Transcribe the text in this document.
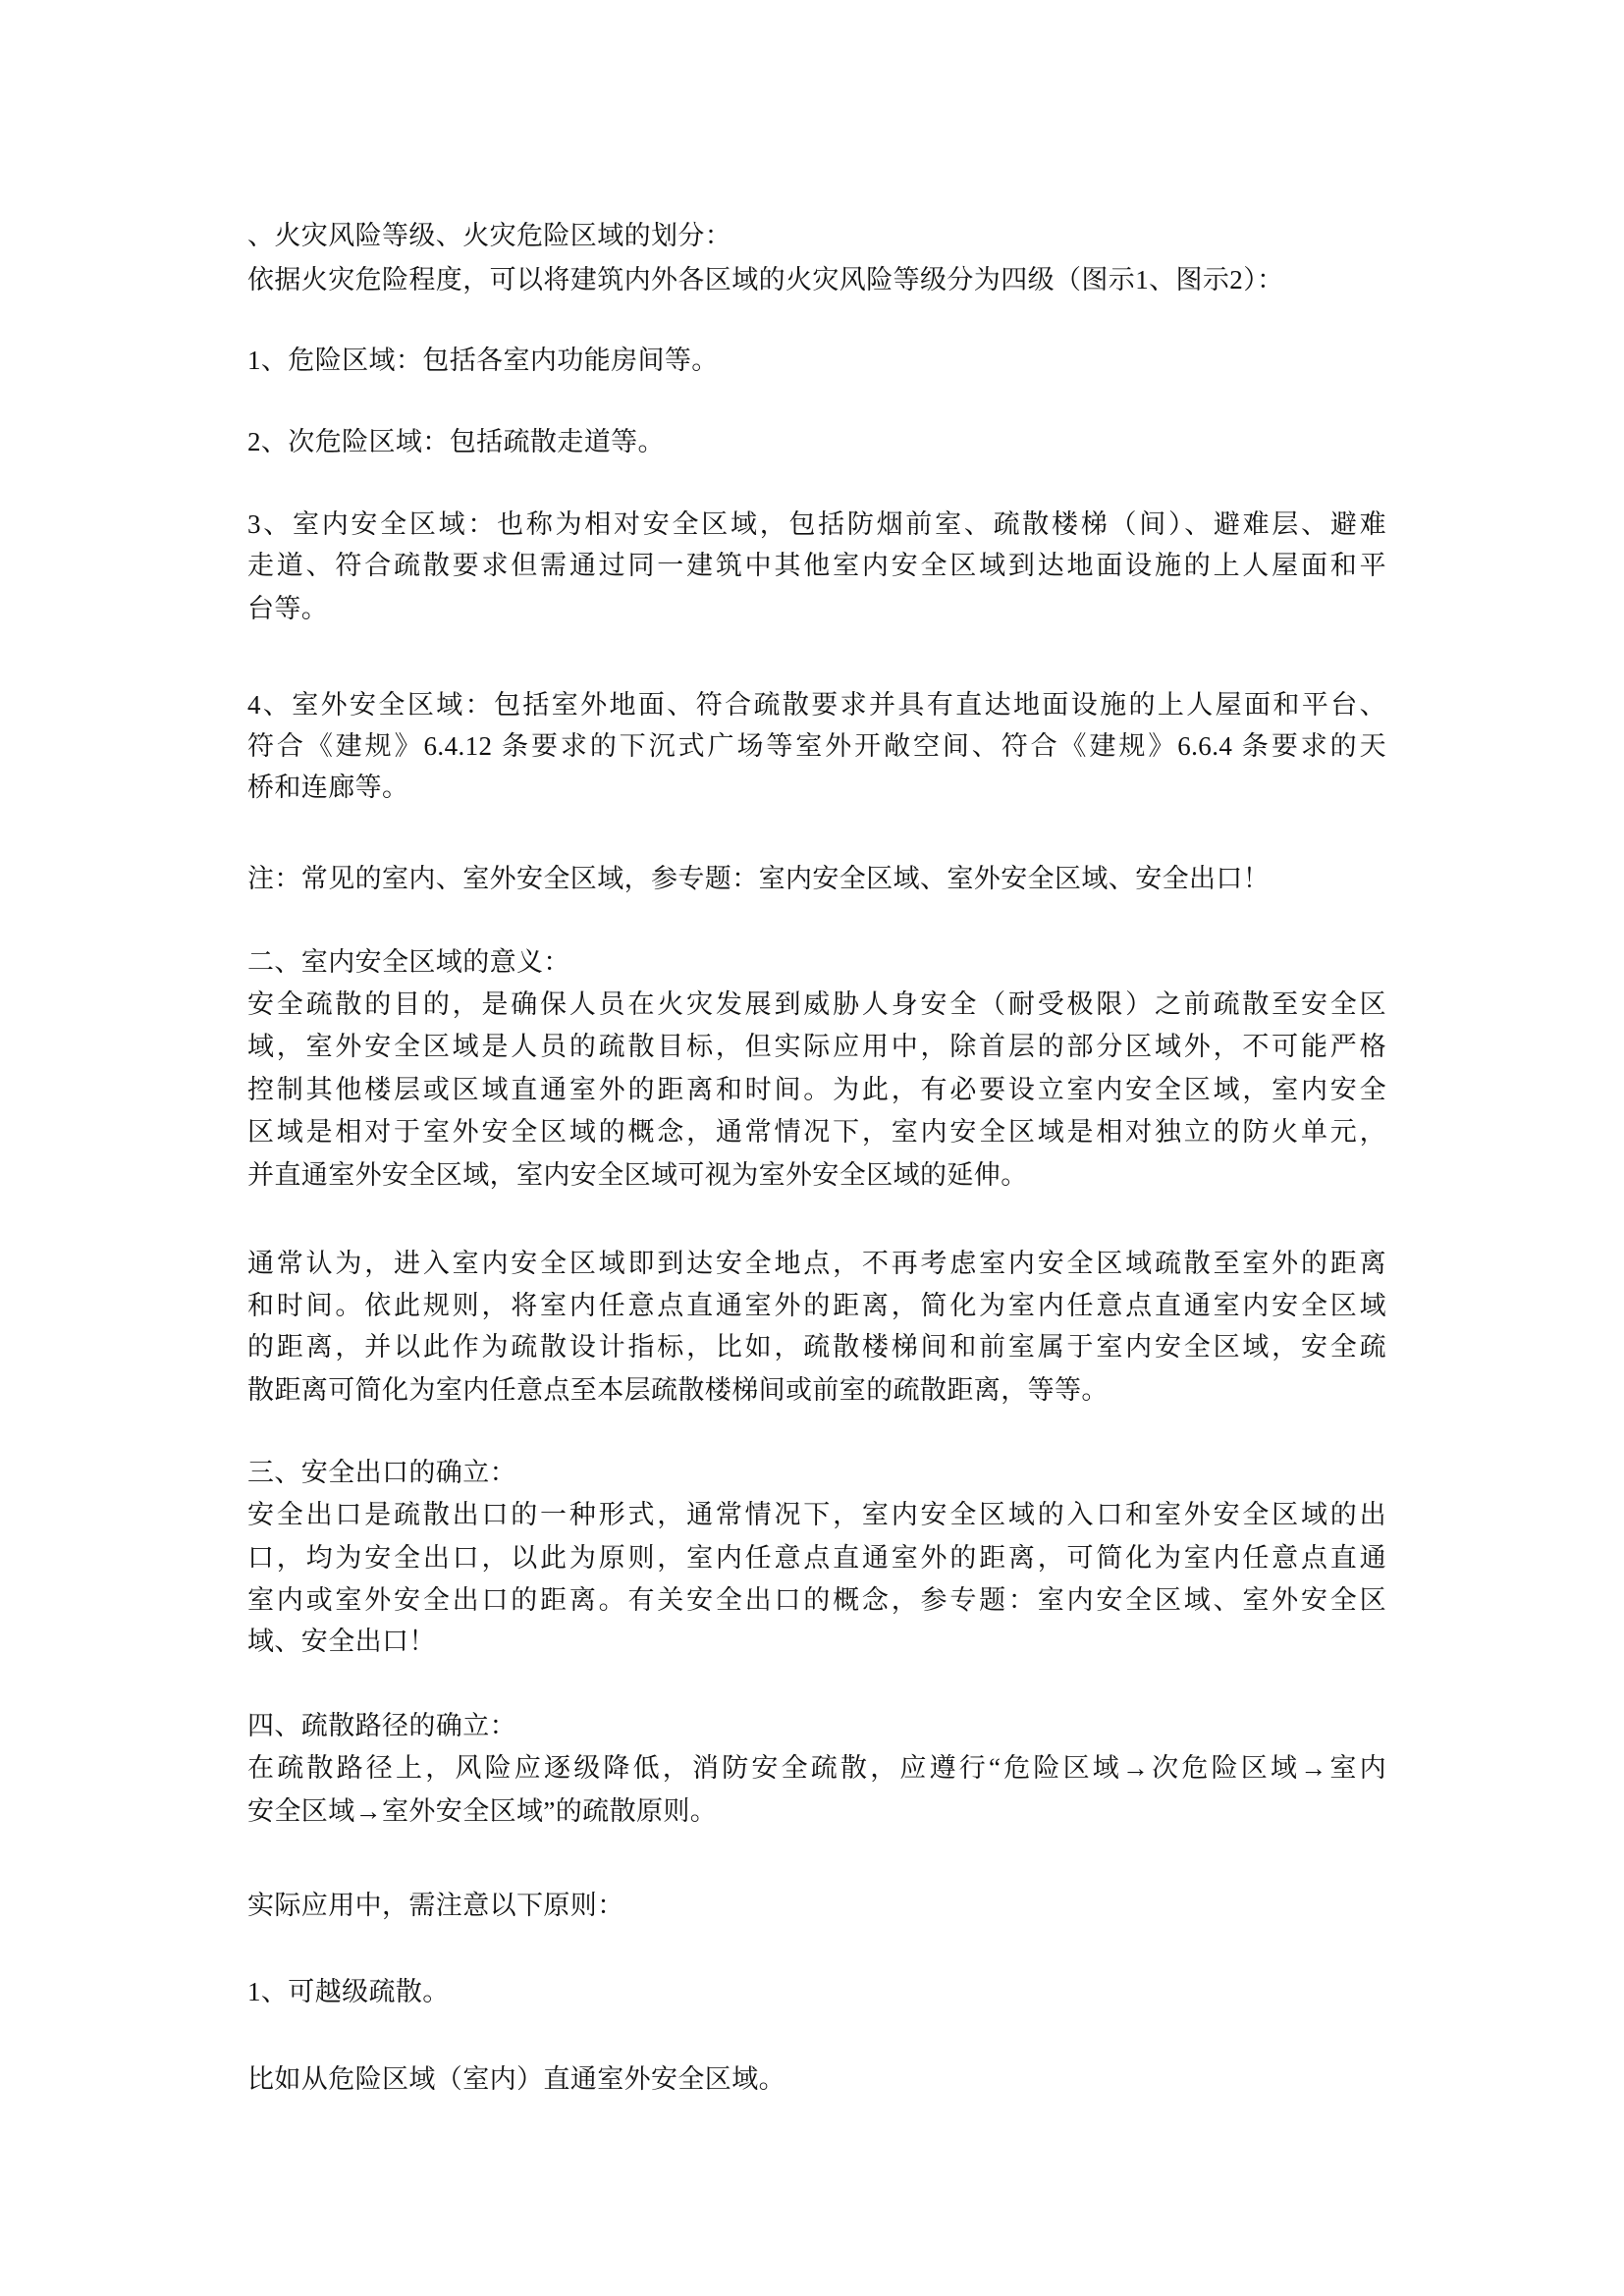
、火灾风险等级、火灾危险区域的划分：
依据火灾危险程度，可以将建筑内外各区域的火灾风险等级分为四级（图示1、图示2）：
1、危险区域：包括各室内功能房间等。
2、次危险区域：包括疏散走道等。
3、室内安全区域：也称为相对安全区域，包括防烟前室、疏散楼梯（间）、避难层、避难
走道、符合疏散要求但需通过同一建筑中其他室内安全区域到达地面设施的上人屋面和平
台等。
4、室外安全区域：包括室外地面、符合疏散要求并具有直达地面设施的上人屋面和平台、
符合《建规》6.4.12 条要求的下沉式广场等室外开敞空间、符合《建规》6.6.4 条要求的天
桥和连廊等。
注：常见的室内、室外安全区域，参专题：室内安全区域、室外安全区域、安全出口！
二、室内安全区域的意义：
安全疏散的目的，是确保人员在火灾发展到威胁人身安全（耐受极限）之前疏散至安全区
域，室外安全区域是人员的疏散目标，但实际应用中，除首层的部分区域外，不可能严格
控制其他楼层或区域直通室外的距离和时间。为此，有必要设立室内安全区域，室内安全
区域是相对于室外安全区域的概念，通常情况下，室内安全区域是相对独立的防火单元，
并直通室外安全区域，室内安全区域可视为室外安全区域的延伸。
通常认为，进入室内安全区域即到达安全地点，不再考虑室内安全区域疏散至室外的距离
和时间。依此规则，将室内任意点直通室外的距离，简化为室内任意点直通室内安全区域
的距离，并以此作为疏散设计指标，比如，疏散楼梯间和前室属于室内安全区域，安全疏
散距离可简化为室内任意点至本层疏散楼梯间或前室的疏散距离，等等。
三、安全出口的确立：
安全出口是疏散出口的一种形式，通常情况下，室内安全区域的入口和室外安全区域的出
口，均为安全出口，以此为原则，室内任意点直通室外的距离，可简化为室内任意点直通
室内或室外安全出口的距离。有关安全出口的概念，参专题：室内安全区域、室外安全区
域、安全出口！
四、疏散路径的确立：
在疏散路径上，风险应逐级降低，消防安全疏散，应遵行“危险区域→次危险区域→室内
安全区域→室外安全区域”的疏散原则。
实际应用中，需注意以下原则：
1、可越级疏散。
比如从危险区域（室内）直通室外安全区域。
